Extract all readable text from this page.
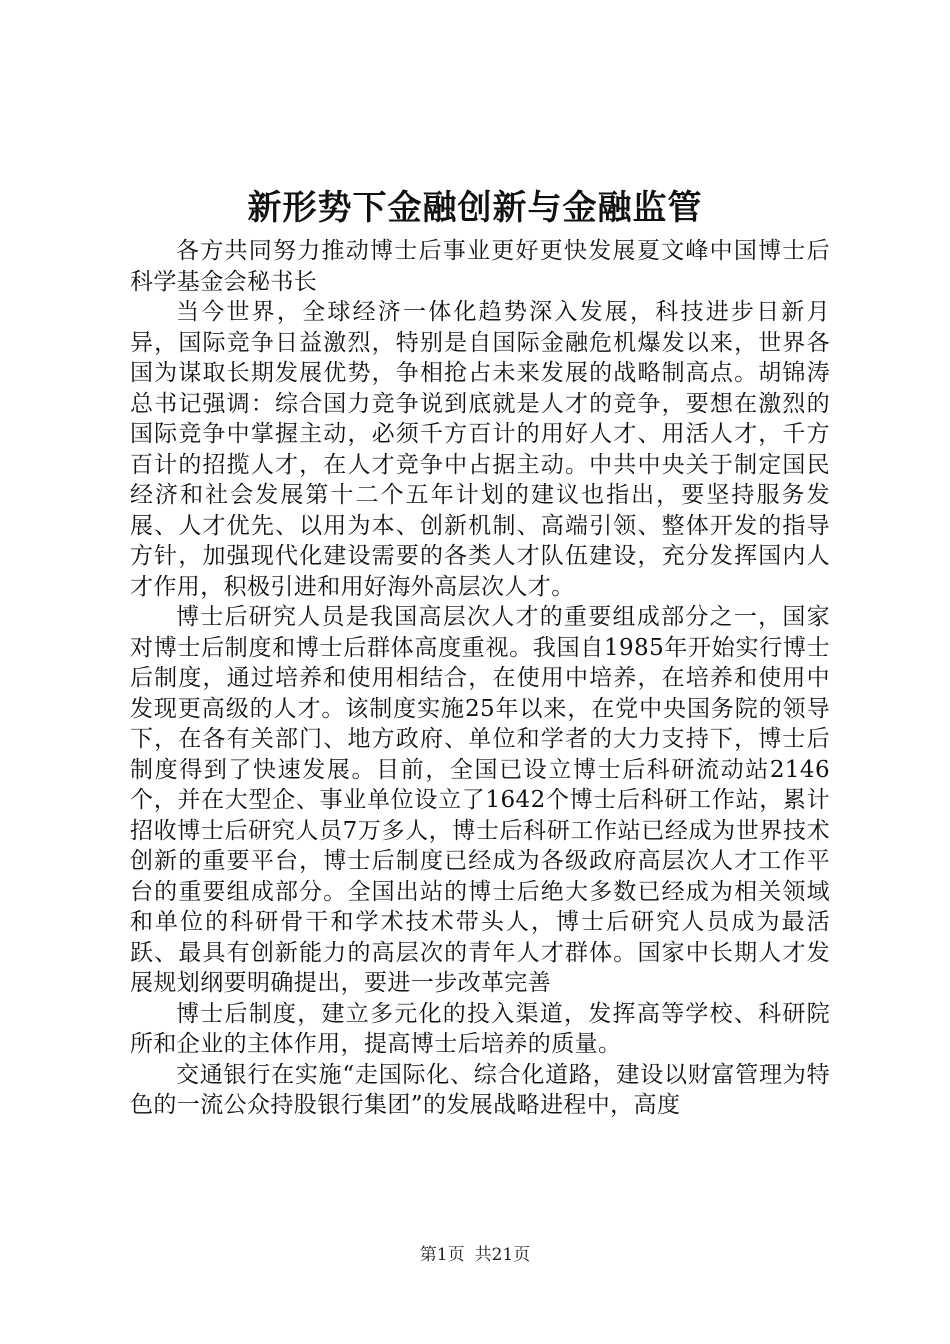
新形势下金融创新与金融监管

各方共同努力推动博士后事业更好更快发展夏文峰中国博士后科学基金会秘书长

当今世界，全球经济一体化趋势深入发展，科技进步日新月异，国际竞争日益激烈，特别是自国际金融危机爆发以来，世界各国为谋取长期发展优势，争相抢占未来发展的战略制高点。胡锦涛总书记强调：综合国力竞争说到底就是人才的竞争，要想在激烈的国际竞争中掌握主动，必须千方百计的用好人才、用活人才，千方百计的招揽人才，在人才竞争中占据主动。中共中央关于制定国民经济和社会发展第十二个五年计划的建议也指出，要坚持服务发展、人才优先、以用为本、创新机制、高端引领、整体开发的指导方针，加强现代化建设需要的各类人才队伍建设，充分发挥国内人才作用，积极引进和用好海外高层次人才。

博士后研究人员是我国高层次人才的重要组成部分之一，国家对博士后制度和博士后群体高度重视。我国自1985年开始实行博士后制度，通过培养和使用相结合，在使用中培养，在培养和使用中发现更高级的人才。该制度实施25年以来，在党中央国务院的领导下，在各有关部门、地方政府、单位和学者的大力支持下，博士后制度得到了快速发展。目前，全国已设立博士后科研流动站2146个，并在大型企、事业单位设立了1642个博士后科研工作站，累计招收博士后研究人员7万多人，博士后科研工作站已经成为世界技术创新的重要平台，博士后制度已经成为各级政府高层次人才工作平台的重要组成部分。全国出站的博士后绝大多数已经成为相关领域和单位的科研骨干和学术技术带头人，博士后研究人员成为最活跃、最具有创新能力的高层次的青年人才群体。国家中长期人才发展规划纲要明确提出，要进一步改革完善

博士后制度，建立多元化的投入渠道，发挥高等学校、科研院所和企业的主体作用，提高博士后培养的质量。

交通银行在实施“走国际化、综合化道路，建设以财富管理为特色的一流公众持股银行集团”的发展战略进程中，高度

第1页 共21页
